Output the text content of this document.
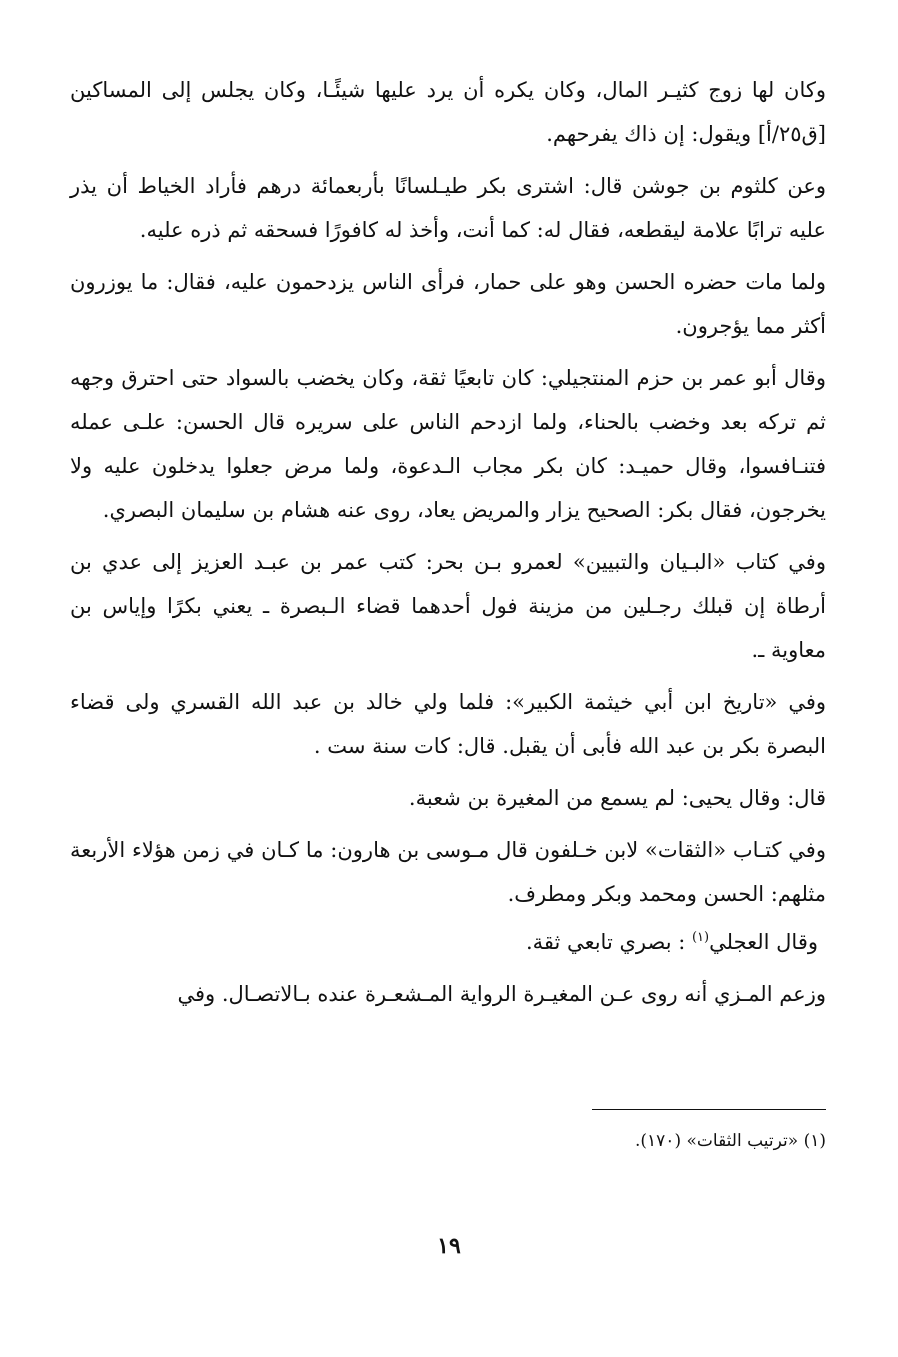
وكان لها زوج كثيـر المال، وكان يكره أن يرد عليها شيئًـا، وكان يجلس إلى المساكين [ق٢٥/أ] ويقول: إن ذاك يفرحهم.

وعن كلثوم بن جوشن قال: اشترى بكر طيـلسانًا بأربعمائة درهم فأراد الخياط أن يذر عليه ترابًا علامة ليقطعه، فقال له: كما أنت، وأخذ له كافورًا فسحقه ثم ذره عليه.

ولما مات حضره الحسن وهو على حمار، فرأى الناس يزدحمون عليه، فقال: ما يوزرون أكثر مما يؤجرون.

وقال أبو عمر بن حزم المنتجيلي: كان تابعيًا ثقة، وكان يخضب بالسواد حتى احترق وجهه ثم تركه بعد وخضب بالحناء، ولما ازدحم الناس على سريره قال الحسن: علـى عمله فتنـافسوا، وقال حميـد: كان بكر مجاب الـدعوة، ولما مرض جعلوا يدخلون عليه ولا يخرجون، فقال بكر: الصحيح يزار والمريض يعاد، روى عنه هشام بن سليمان البصري.

وفي كتاب «البـيان والتبيين» لعمرو بـن بحر: كتب عمر بن عبـد العزيز إلى عدي بن أرطاة إن قبلك رجـلين من مزينة فول أحدهما قضاء الـبصرة ـ يعني بكرًا وإياس بن معاوية ـ.

وفي «تاريخ ابن أبي خيثمة الكبير»: فلما ولي خالد بن عبد الله القسري ولى قضاء البصرة بكر بن عبد الله فأبى أن يقبل. قال: كات سنة ست .

قال: وقال يحيى: لم يسمع من المغيرة بن شعبة.

وفي كتـاب «الثقات» لابن خـلفون قال مـوسى بن هارون: ما كـان في زمن هؤلاء الأربعة مثلهم: الحسن ومحمد وبكر ومطرف.

وقال العجلي$^{(١)}$ : بصري تابعي ثقة.

وزعم المـزي أنه روى عـن المغيـرة الرواية المـشعـرة عنده بـالاتصـال. وفي

(١) «ترتيب الثقات» (١٧٠).
١٩
